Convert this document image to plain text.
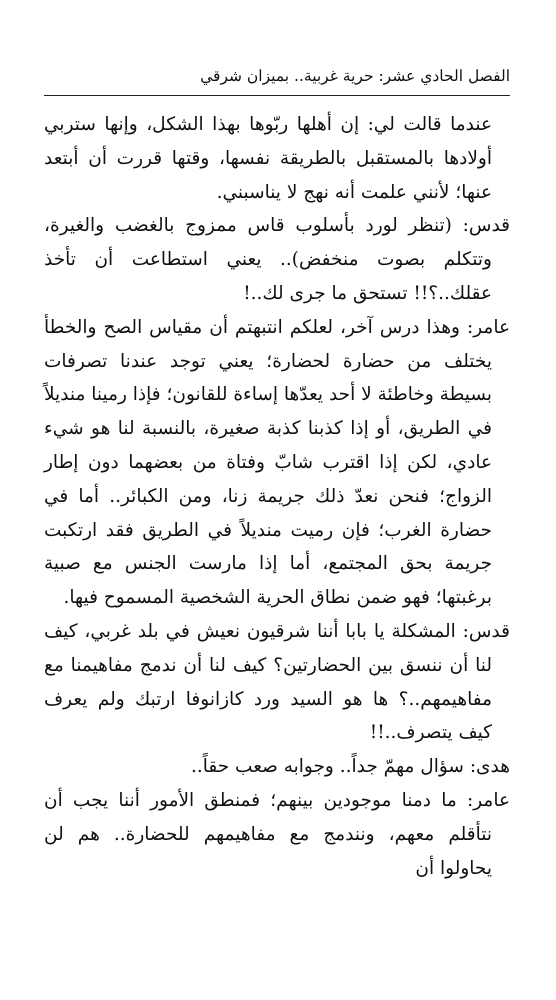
الفصل الحادي عشر: حرية غربية.. بميزان شرقي

عندما قالت لي: إن أهلها ربّوها بهذا الشكل، وإنها ستربي أولادها بالمستقبل بالطريقة نفسها، وقتها قررت أن أبتعد عنها؛ لأنني علمت أنه نهج لا يناسبني.

قدس: (تنظر لورد بأسلوب قاس ممزوج بالغضب والغيرة، وتتكلم بصوت منخفض).. يعني استطاعت أن تأخذ عقلك..؟!! تستحق ما جرى لك..!

عامر: وهذا درس آخر، لعلكم انتبهتم أن مقياس الصح والخطأ يختلف من حضارة لحضارة؛ يعني توجد عندنا تصرفات بسيطة وخاطئة لا أحد يعدّها إساءة للقانون؛ فإذا رمينا منديلاً في الطريق، أو إذا كذبنا كذبة صغيرة، بالنسبة لنا هو شيء عادي، لكن إذا اقترب شابّ وفتاة من بعضهما دون إطار الزواج؛ فنحن نعدّ ذلك جريمة زنا، ومن الكبائر.. أما في حضارة الغرب؛ فإن رميت منديلاً في الطريق فقد ارتكبت جريمة بحق المجتمع، أما إذا مارست الجنس مع صبية برغبتها؛ فهو ضمن نطاق الحرية الشخصية المسموح فيها.

قدس: المشكلة يا بابا أننا شرقيون نعيش في بلد غربي، كيف لنا أن ننسق بين الحضارتين؟ كيف لنا أن ندمج مفاهيمنا مع مفاهيمهم..؟ ها هو السيد ورد كازانوفا ارتبك ولم يعرف كيف يتصرف..!!

هدى: سؤال مهمّ جداً.. وجوابه صعب حقاً..

عامر: ما دمنا موجودين بينهم؛ فمنطق الأمور أننا يجب أن نتأقلم معهم، ونندمج مع مفاهيمهم للحضارة.. هم لن يحاولوا أن
